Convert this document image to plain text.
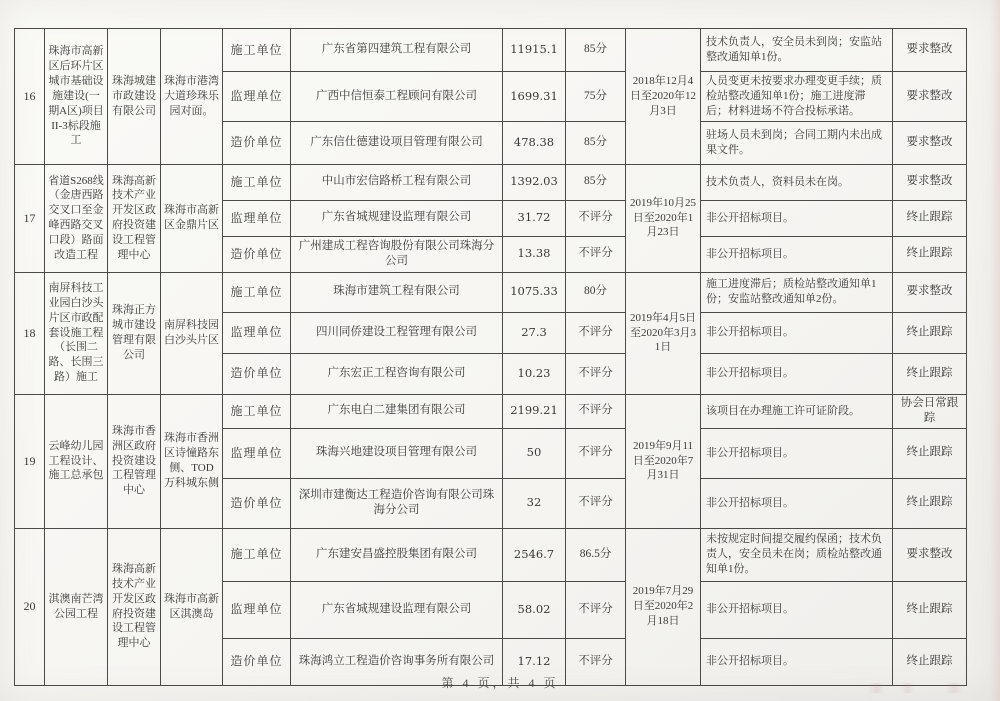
16	珠海市高新区后环片区城市基础设施建设(一期A区)项目II-3标段施工	珠海城建市政建设有限公司	珠海市港湾大道珍珠乐园对面。	施工单位	广东省第四建筑工程有限公司	11915.1	85分	2018年12月4日至2020年12月3日	技术负责人，安全员未到岗；安监站整改通知单1份。	要求整改
				监理单位	广西中信恒泰工程顾问有限公司	1699.31	75分		人员变更未按要求办理变更手续；质检站整改通知单1份；施工进度滞后；材料进场不符合投标承诺。	要求整改
				造价单位	广东信仕德建设项目管理有限公司	478.38	85分		驻场人员未到岗；合同工期内未出成果文件。	要求整改
17	省道S268线（金唐西路交叉口至金峰西路交叉口段）路面改造工程	珠海高新技术产业开发区政府投资建设工程管理中心	珠海市高新区金鼎片区	施工单位	中山市宏信路桥工程有限公司	1392.03	85分	2019年10月25日至2020年1月23日	技术负责人，资料员未在岗。	要求整改
				监理单位	广东省城规建设监理有限公司	31.72	不评分		非公开招标项目。	终止跟踪
				造价单位	广州建成工程咨询股份有限公司珠海分公司	13.38	不评分		非公开招标项目。	终止跟踪
18	南屏科技工业园白沙头片区市政配套设施工程（长围二路、长围三路）施工	珠海正方城市建设管理有限公司	南屏科技园白沙头片区	施工单位	珠海市建筑工程有限公司	1075.33	80分	2019年4月5日至2020年3月31日	施工进度滞后；质检站整改通知单1份；安监站整改通知单2份。	要求整改
				监理单位	四川同侨建设工程管理有限公司	27.3	不评分		非公开招标项目。	终止跟踪
				造价单位	广东宏正工程咨询有限公司	10.23	不评分		非公开招标项目。	终止跟踪
19	云峰幼儿园工程设计、施工总承包	珠海市香洲区政府投资建设工程管理中心	珠海市香洲区诗憧路东侧、TOD万科城东侧	施工单位	广东电白二建集团有限公司	2199.21	不评分	2019年9月11日至2020年7月31日	该项目在办理施工许可证阶段。	协会日常跟踪
				监理单位	珠海兴地建设项目管理有限公司	50	不评分		非公开招标项目。	终止跟踪
				造价单位	深圳市建衡达工程造价咨询有限公司珠海分公司	32	不评分		非公开招标项目。	终止跟踪
20	淇澳南芒湾公园工程	珠海高新技术产业开发区政府投资建设工程管理中心	珠海市高新区淇澳岛	施工单位	广东建安昌盛控股集团有限公司	2546.7	86.5分	2019年7月29日至2020年2月18日	未按规定时间提交履约保函；技术负责人，安全员未在岗；质检站整改通知单1份。	要求整改
				监理单位	广东省城规建设监理有限公司	58.02	不评分		非公开招标项目。	终止跟踪
				造价单位	珠海鸿立工程造价咨询事务所有限公司	17.12	不评分		非公开招标项目。	终止跟踪
第 4 页，共 4 页
